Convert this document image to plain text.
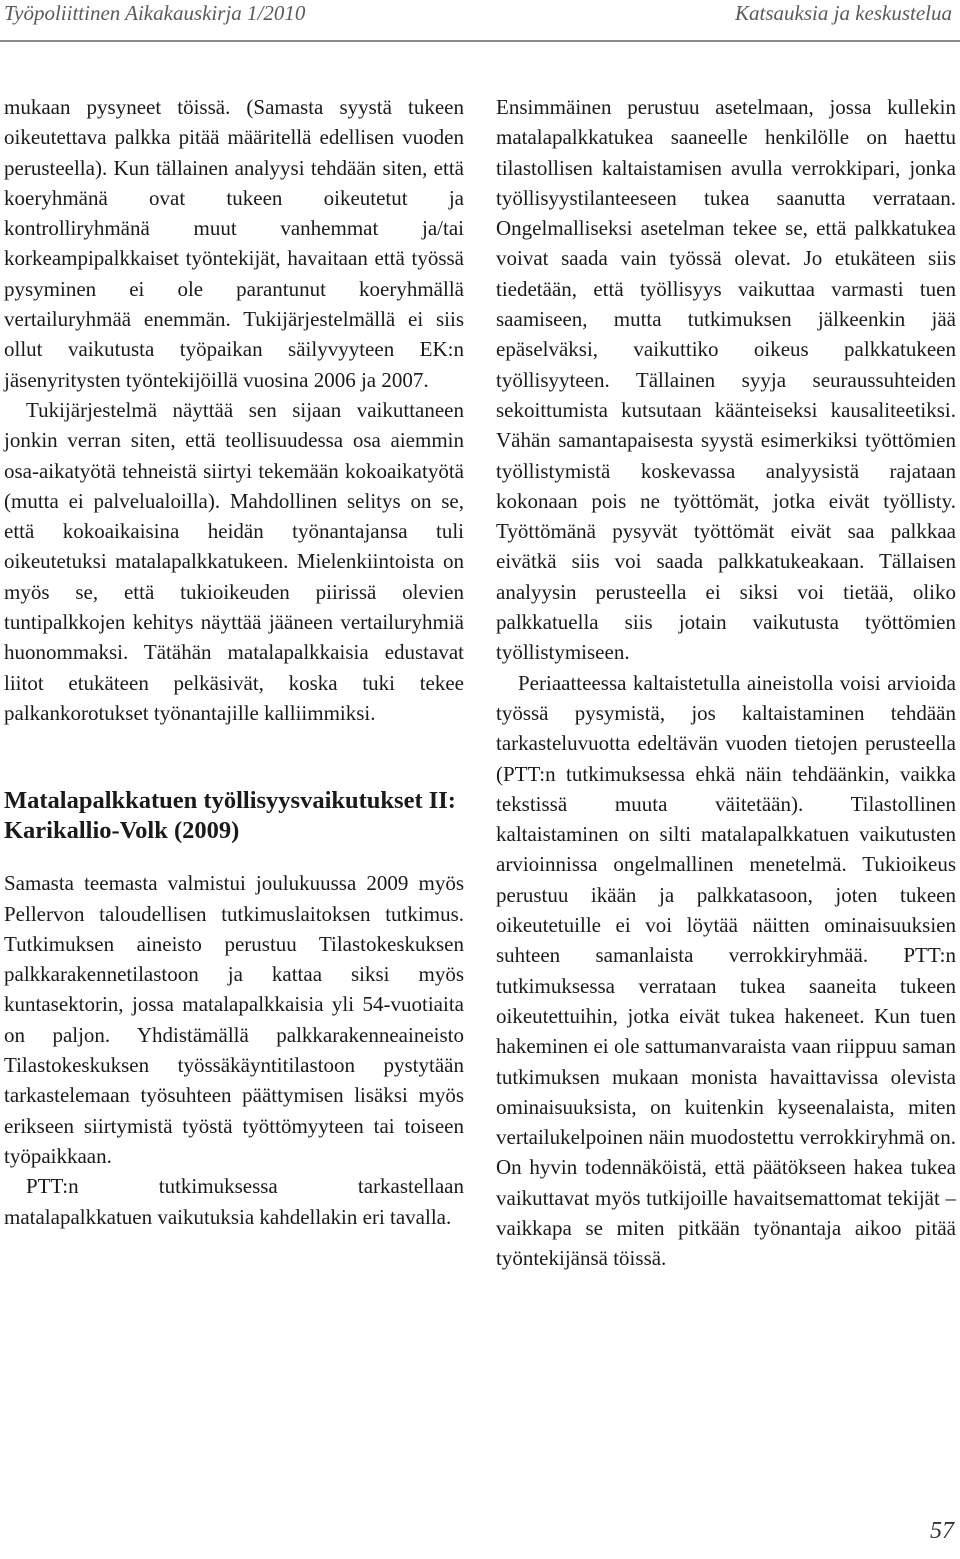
Työpoliittinen Aikakauskirja 1/2010	Katsauksia ja keskustelua

mukaan pysyneet töissä. (Samasta syystä tukeen oikeutettava palkka pitää määritellä edellisen vuoden perusteella). Kun tällainen analyysi tehdään siten, että koeryhmänä ovat tukeen oikeutetut ja kontrolliryhmänä muut vanhemmat ja/tai korkeampipalkkaiset työntekijät, havaitaan että työssä pysyminen ei ole parantunut koeryhmällä vertailuryhmää enemmän. Tukijärjestelmällä ei siis ollut vaikutusta työpaikan säilyvyyteen EK:n jäsenyritysten työntekijöillä vuosina 2006 ja 2007.

Tukijärjestelmä näyttää sen sijaan vaikuttaneen jonkin verran siten, että teollisuudessa osa aiemmin osa-aikatyötä tehneistä siirtyi tekemään kokoaikatyötä (mutta ei palvelualoilla). Mahdollinen selitys on se, että kokoaikaisina heidän työnantajansa tuli oikeutetuksi matalapalkkatukeen. Mielenkiintoista on myös se, että tukioikeuden piirissä olevien tuntipalkkojen kehitys näyttää jääneen vertailuryhmiä huonommaksi. Tätähän matalapalkkaisia edustavat liitot etukäteen pelkäsivät, koska tuki tekee palkankorotukset työnantajille kalliimmiksi.

Matalapalkkatuen työllisyysvaikutukset II: Karikallio-Volk (2009)

Samasta teemasta valmistui joulukuussa 2009 myös Pellervon taloudellisen tutkimuslaitoksen tutkimus. Tutkimuksen aineisto perustuu Tilastokeskuksen palkkarakennetilastoon ja kattaa siksi myös kuntasektorin, jossa matalapalkkaisia yli 54-vuotiaita on paljon. Yhdistämällä palkkarakenneaineisto Tilastokeskuksen työssäkäyntitilastoon pystytään tarkastelemaan työsuhteen päättymisen lisäksi myös erikseen siirtymistä työstä työttömyyteen tai toiseen työpaikkaan.

PTT:n tutkimuksessa tarkastellaan matalapalkkatuen vaikutuksia kahdellakin eri tavalla.

Ensimmäinen perustuu asetelmaan, jossa kullekin matalapalkkatukea saaneelle henkilölle on haettu tilastollisen kaltaistamisen avulla verrokkipari, jonka työllisyystilanteeseen tukea saanutta verrataan. Ongelmalliseksi asetelman tekee se, että palkkatukea voivat saada vain työssä olevat. Jo etukäteen siis tiedetään, että työllisyys vaikuttaa varmasti tuen saamiseen, mutta tutkimuksen jälkeenkin jää epäselväksi, vaikuttiko oikeus palkkatukeen työllisyyteen. Tällainen syyja seuraussuhteiden sekoittumista kutsutaan käänteiseksi kausaliteetiksi. Vähän samantapaisesta syystä esimerkiksi työttömien työllistymistä koskevassa analyysistä rajataan kokonaan pois ne työttömät, jotka eivät työllisty. Työttömänä pysyvät työttömät eivät saa palkkaa eivätkä siis voi saada palkkatukeakaan. Tällaisen analyysin perusteella ei siksi voi tietää, oliko palkkatuella siis jotain vaikutusta työttömien työllistymiseen.

Periaatteessa kaltaistetulla aineistolla voisi arvioida työssä pysymistä, jos kaltaistaminen tehdään tarkasteluvuotta edeltävän vuoden tietojen perusteella (PTT:n tutkimuksessa ehkä näin tehdäänkin, vaikka tekstissä muuta väitetään). Tilastollinen kaltaistaminen on silti matalapalkkatuen vaikutusten arvioinnissa ongelmallinen menetelmä. Tukioikeus perustuu ikään ja palkkatasoon, joten tukeen oikeutetuille ei voi löytää näitten ominaisuuksien suhteen samanlaista verrokkiryhmää. PTT:n tutkimuksessa verrataan tukea saaneita tukeen oikeutettuihin, jotka eivät tukea hakeneet. Kun tuen hakeminen ei ole sattumanvaraista vaan riippuu saman tutkimuksen mukaan monista havaittavissa olevista ominaisuuksista, on kuitenkin kyseenalaista, miten vertailukelpoinen näin muodostettu verrokkiryhmä on. On hyvin todennäköistä, että päätökseen hakea tukea vaikuttavat myös tutkijoille havaitsemattomat tekijät – vaikkapa se miten pitkään työnantaja aikoo pitää työntekijänsä töissä.

57
